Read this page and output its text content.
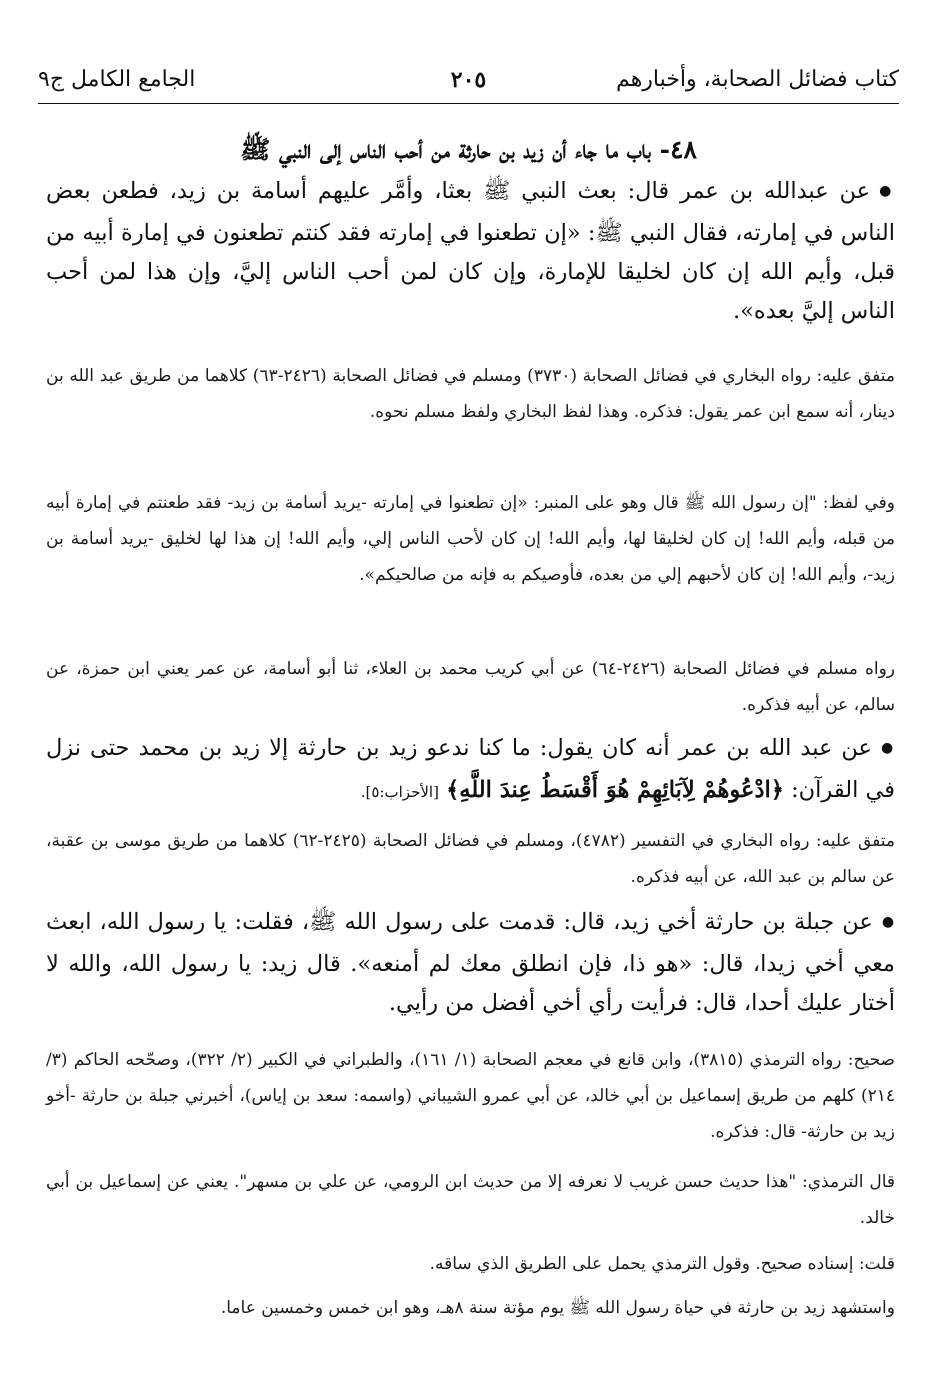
كتاب فضائل الصحابة، وأخبارهم
٢٠٥
الجامع الكامل ج٩
٤٨- باب ما جاء أن زيد بن حارثة من أحب الناس إلى النبي ﷺ

● عن عبدالله بن عمر قال: بعث النبي ﷺ بعثا، وأمَّر عليهم أسامة بن زيد، فطعن بعض الناس في إمارته، فقال النبي ﷺ: «إن تطعنوا في إمارته فقد كنتم تطعنون في إمارة أبيه من قبل، وأيم الله إن كان لخليقا للإمارة، وإن كان لمن أحب الناس إليَّ، وإن هذا لمن أحب الناس إليَّ بعده».

متفق عليه: رواه البخاري في فضائل الصحابة (٣٧٣٠) ومسلم في فضائل الصحابة (٢٤٢٦-٦٣) كلاهما من طريق عبد الله بن دينار، أنه سمع ابن عمر يقول: فذكره. وهذا لفظ البخاري ولفظ مسلم نحوه.

وفي لفظ: "إن رسول الله ﷺ قال وهو على المنبر: «إن تطعنوا في إمارته -يريد أسامة بن زيد- فقد طعنتم في إمارة أبيه من قبله، وأيم الله! إن كان لخليقا لها، وأيم الله! إن كان لأحب الناس إلي، وأيم الله! إن هذا لها لخليق -يريد أسامة بن زيد-، وأيم الله! إن كان لأحبهم إلي من بعده، فأوصيكم به فإنه من صالحيكم».

رواه مسلم في فضائل الصحابة (٢٤٢٦-٦٤) عن أبي كريب محمد بن العلاء، ثنا أبو أسامة، عن عمر يعني ابن حمزة، عن سالم، عن أبيه فذكره.

● عن عبد الله بن عمر أنه كان يقول: ما كنا ندعو زيد بن حارثة إلا زيد بن محمد حتى نزل في القرآن: ﴿ادْعُوهُمْ لِآبَائِهِمْ هُوَ أَقْسَطُ عِندَ اللَّهِ﴾ [الأحزاب:٥].

متفق عليه: رواه البخاري في التفسير (٤٧٨٢)، ومسلم في فضائل الصحابة (٢٤٢٥-٦٢) كلاهما من طريق موسى بن عقبة، عن سالم بن عبد الله، عن أبيه فذكره.

● عن جبلة بن حارثة أخي زيد، قال: قدمت على رسول الله ﷺ، فقلت: يا رسول الله، ابعث معي أخي زيدا، قال: «هو ذا، فإن انطلق معك لم أمنعه». قال زيد: يا رسول الله، والله لا أختار عليك أحدا، قال: فرأيت رأي أخي أفضل من رأيي.

صحيح: رواه الترمذي (٣٨١٥)، وابن قانع في معجم الصحابة (١/ ١٦١)، والطبراني في الكبير (٢/ ٣٢٢)، وصحّحه الحاكم (٣/ ٢١٤) كلهم من طريق إسماعيل بن أبي خالد، عن أبي عمرو الشيباني (واسمه: سعد بن إياس)، أخبرني جبلة بن حارثة -أخو زيد بن حارثة- قال: فذكره.

قال الترمذي: "هذا حديث حسن غريب لا نعرفه إلا من حديث ابن الرومي، عن علي بن مسهر". يعني عن إسماعيل بن أبي خالد.

قلت: إسناده صحيح. وقول الترمذي يحمل على الطريق الذي ساقه.

واستشهد زيد بن حارثة في حياة رسول الله ﷺ يوم مؤتة سنة ٨هـ، وهو ابن خمس وخمسين عاما.
